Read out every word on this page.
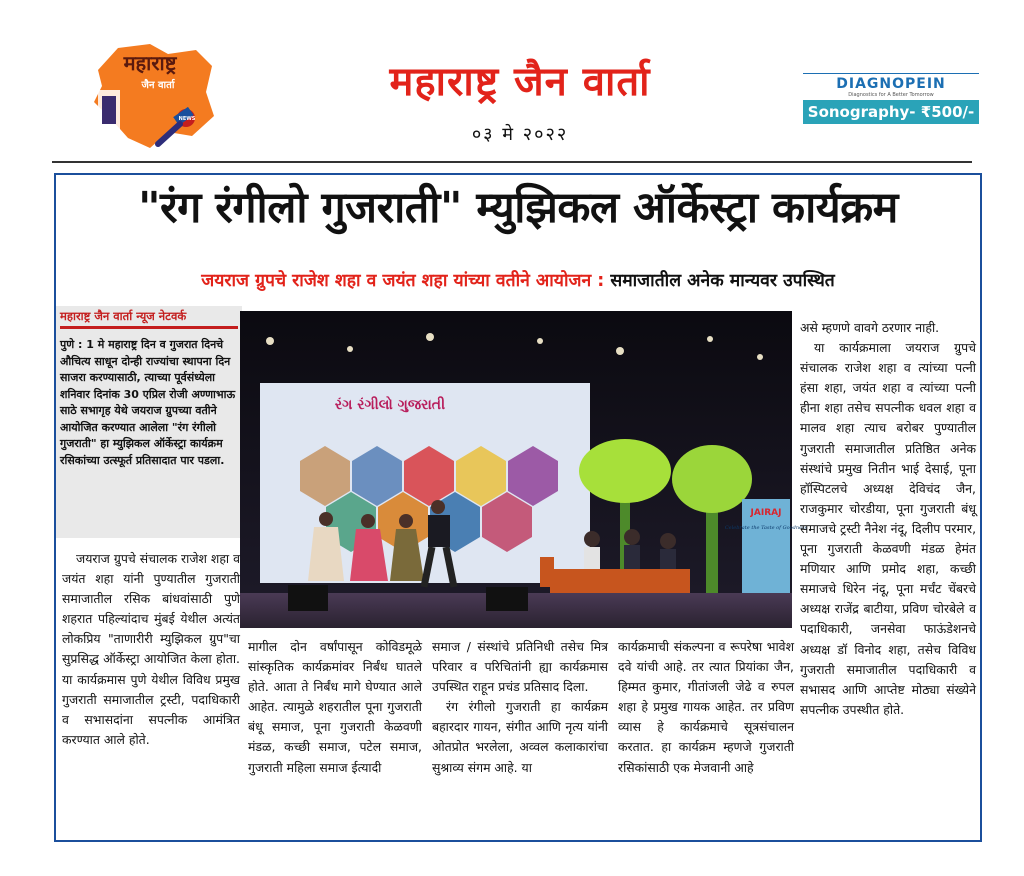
महाराष्ट्र
जैन वार्ता
NEWS
महाराष्ट्र जैन वार्ता
०३ मे २०२२
DIAGNOPEIN
Diagnostics for A Better Tomorrow
Sonography- ₹500/-
"रंग रंगीलो गुजराती" म्युझिकल ऑर्केस्ट्रा कार्यक्रम
जयराज ग्रुपचे राजेश शहा व जयंत शहा यांच्या वतीने आयोजन : समाजातील अनेक मान्यवर उपस्थित
महाराष्ट्र जैन वार्ता न्यूज नेटवर्क
पुणे : 1 मे महाराष्ट्र दिन व गुजरात दिनचे औचित्य साधून दोन्ही राज्यांचा स्थापना दिन साजरा करण्यासाठी, त्याच्या पूर्वसंध्येला शनिवार दिनांक 30 एप्रिल रोजी अण्णाभाऊ साठे सभागृह येथे जयराज ग्रुपच्या वतीने आयोजित करण्यात आलेला "रंग रंगीलो गुजराती" हा म्युझिकल ऑर्केस्ट्रा कार्यक्रम रसिकांच्या उत्स्फूर्त प्रतिसादात पार पडला.
રંગ રંગીલો ગુજરાતી
JAIRAJ
Celebrate the Taste of Goodness

जयराज ग्रुपचे संचालक राजेश शहा व जयंत शहा यांनी पुण्यातील गुजराती समाजातील रसिक बांधवांसाठी पुणे शहरात पहिल्यांदाच मुंबई येथील अत्यंत लोकप्रिय "ताणारीरी म्युझिकल ग्रुप"चा सुप्रसिद्ध ऑर्केस्ट्रा आयोजित केला होता. या कार्यक्रमास पुणे येथील विविध प्रमुख गुजराती समाजातील ट्रस्टी, पदाधिकारी व सभासदांना सपत्नीक आमंत्रित करण्यात आले होते.

मागील दोन वर्षांपासून कोविडमूळे सांस्कृतिक कार्यक्रमांवर निर्बंध घातले होते. आता ते निर्बंध मागे घेण्यात आले आहेत. त्यामुळे शहरातील पूना गुजराती बंधू समाज, पूना गुजराती केळवणी मंडळ, कच्छी समाज, पटेल समाज, गुजराती महिला समाज ईत्यादी

समाज / संस्थांचे प्रतिनिधी तसेच मित्र परिवार व परिचितांनी ह्या कार्यक्रमास उपस्थित राहून प्रचंड प्रतिसाद दिला.

रंग रंगीलो गुजराती हा कार्यक्रम बहारदार गायन, संगीत आणि नृत्य यांनी ओतप्रोत भरलेला, अव्वल कलाकारांचा सुश्राव्य संगम आहे. या

कार्यक्रमाची संकल्पना व रूपरेषा भावेश दवे यांची आहे. तर त्यात प्रियांका जैन, हिम्मत कुमार, गीतांजली जेढे व रुपल शहा हे प्रमुख गायक आहेत. तर प्रविण व्यास हे कार्यक्रमाचे सूत्रसंचालन करतात. हा कार्यक्रम म्हणजे गुजराती रसिकांसाठी एक मेजवानी आहे

असे म्हणणे वावगे ठरणार नाही.

या कार्यक्रमाला जयराज ग्रुपचे संचालक राजेश शहा व त्यांच्या पत्नी हंसा शहा, जयंत शहा व त्यांच्या पत्नी हीना शहा तसेच सपत्नीक धवल शहा व मालव शहा त्याच बरोबर पुण्यातील गुजराती समाजातील प्रतिष्ठित अनेक संस्थांचे प्रमुख नितीन भाई देसाई, पूना हॉस्पिटलचे अध्यक्ष देविचंद जैन, राजकुमार चोरडीया, पूना गुजराती बंधू समाजचे ट्रस्टी नैनेश नंदू, दिलीप परमार, पूना गुजराती केळवणी मंडळ हेमंत मणियार आणि प्रमोद शहा, कच्छी समाजचे धिरेन नंदू, पूना मर्चंट चेंबरचे अध्यक्ष राजेंद्र बाटीया, प्रविण चोरबेले व पदाधिकारी, जनसेवा फाऊंडेशनचे अध्यक्ष डॉ विनोद शहा, तसेच विविध गुजराती समाजातील पदाधिकारी व सभासद आणि आप्तेष्ट मोठ्या संख्येने सपत्नीक उपस्थीत होते.
